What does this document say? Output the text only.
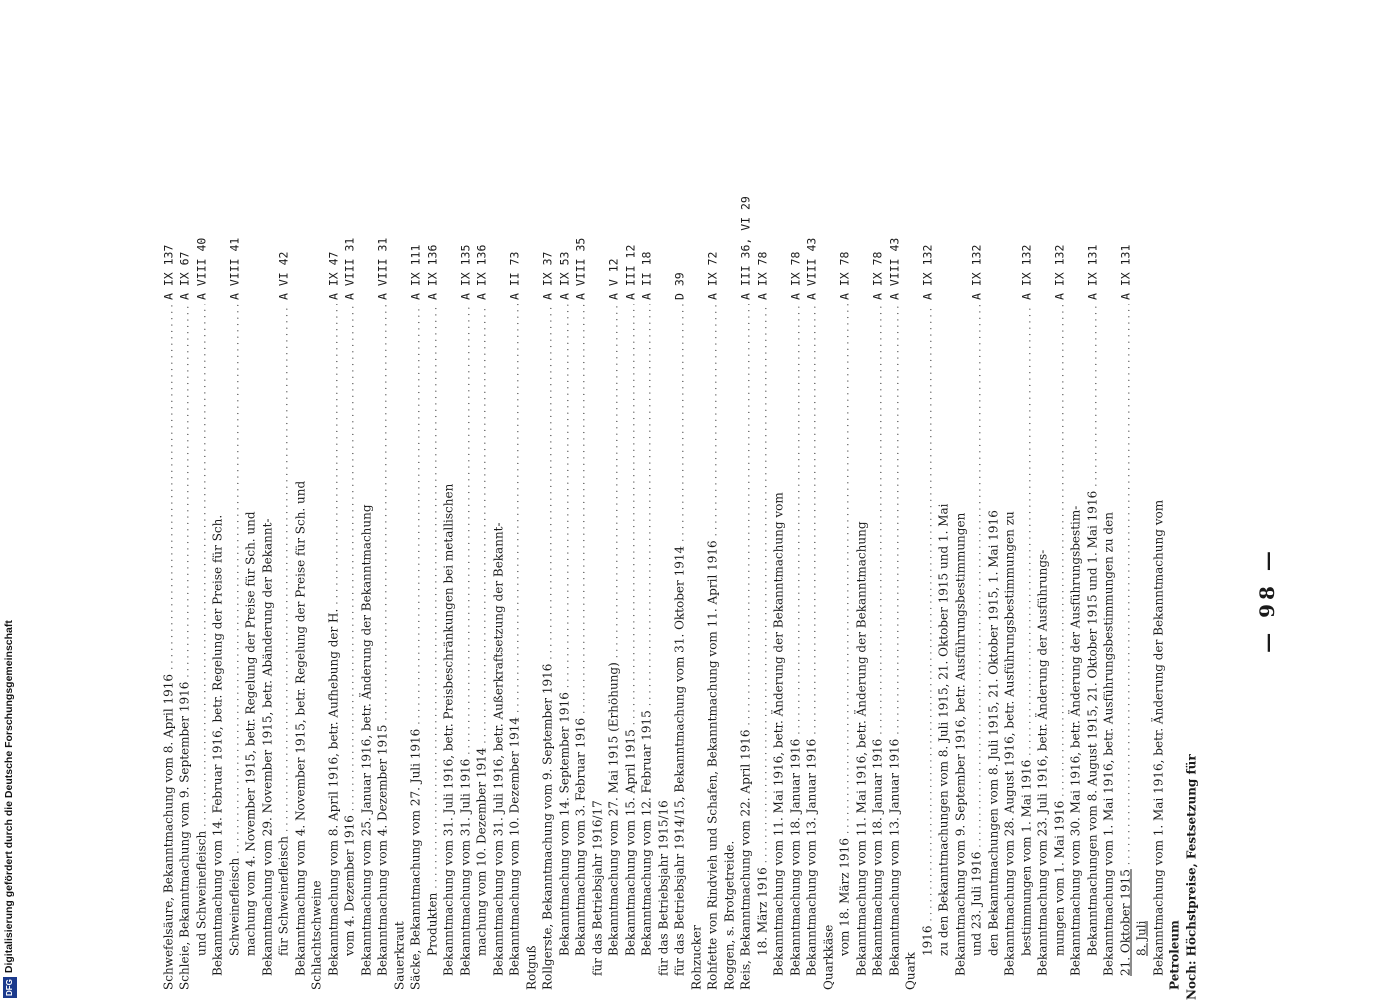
— 98 —
Noch: Höchstpreise, Festsetzung für
Petroleum
Bekanntmachung vom 1. Mai 1916, betr. Änderung der Bekanntmachung vom
8. Juli
21. Oktober 1915
. . .
A IX 131
Bekanntmachung vom 1. Mai 1916, betr. Ausführungsbestimmungen zu den
Bekanntmachungen vom 8. August 1915, 21. Oktober 1915 und 1. Mai 1916
. . .
A IX 131
Bekanntmachung vom 30. Mai 1916, betr. Änderung der Ausführungsbestim-
mungen vom 1. Mai 1916
. . .
A IX 132
Bekanntmachung vom 23. Juli 1916, betr. Änderung der Ausführungs-
bestimmungen vom 1. Mai 1916
. . .
A IX 132
Bekanntmachung vom 28. August 1916, betr. Ausführungsbestimmungen zu
den Bekanntmachungen vom 8. Juli 1915, 21. Oktober 1915, 1. Mai 1916
und 23. Juli 1916
. . .
A IX 132
Bekanntmachung vom 9. September 1916, betr. Ausführungsbestimmungen
zu den Bekanntmachungen vom 8. Juli 1915, 21. Oktober 1915 und 1. Mai
1916
. . .
A IX 132
Quark
Bekanntmachung vom 13. Januar 1916
. . .
A VIII 43
Bekanntmachung vom 18. Januar 1916
. . .
A IX 78
Bekanntmachung vom 11. Mai 1916, betr. Änderung der Bekanntmachung
vom 18. März 1916
. . .
A IX 78
Quarkkäse
Bekanntmachung vom 13. Januar 1916
. . .
A VIII 43
Bekanntmachung vom 18. Januar 1916
. . .
A IX 78
Bekanntmachung vom 11. Mai 1916, betr. Änderung der Bekanntmachung vom
18. März 1916
. . .
A IX 78
Reis, Bekanntmachung vom 22. April 1916
. . .
A III 36, VI 29
Roggen, s. Brotgetreide.
Rohfette von Rindvieh und Schafen, Bekanntmachung vom 11. April 1916
. . .
A IX 72
Rohzucker
für das Betriebsjahr 1914/15, Bekanntmachung vom 31. Oktober 1914
. . .
D 39
für das Betriebsjahr 1915/16
Bekanntmachung vom 12. Februar 1915
. . .
A II 18
Bekanntmachung vom 15. April 1915
. . .
A III 12
Bekanntmachung vom 27. Mai 1915 (Erhöhung)
. . .
A V 12
für das Betriebsjahr 1916/17
Bekanntmachung vom 3. Februar 1916
. . .
A VIII 35
Bekanntmachung vom 14. September 1916
. . .
A IX 53
Rollgerste, Bekanntmachung vom 9. September 1916
. . .
A IX 37
Rotguß
Bekanntmachung vom 10. Dezember 1914
. . .
A II 73
Bekanntmachung vom 31. Juli 1916, betr. Außerkraftsetzung der Bekannt-
machung vom 10. Dezember 1914
. . .
A IX 136
Bekanntmachung vom 31. Juli 1916
. . .
A IX 135
Bekanntmachung vom 31. Juli 1916, betr. Preisbeschränkungen bei metallischen
Produkten
. . .
A IX 136
Säcke, Bekanntmachung vom 27. Juli 1916
. . .
A IX 111
Sauerkraut
Bekanntmachung vom 4. Dezember 1915
. . .
A VIII 31
Bekanntmachung vom 25. Januar 1916, betr. Änderung der Bekanntmachung
vom 4. Dezember 1916
. . .
A VIII 31
Bekanntmachung vom 8. April 1916, betr. Aufhebung der H.
. . .
A IX 47
Schlachtschweine
Bekanntmachung vom 4. November 1915, betr. Regelung der Preise für Sch. und
für Schweinefleisch
. . .
A VI 42
Bekanntmachung vom 29. November 1915, betr. Abänderung der Bekannt-
machung vom 4. November 1915, betr. Regelung der Preise für Sch. und
Schweinefleisch
. . .
A VIII 41
Bekanntmachung vom 14. Februar 1916, betr. Regelung der Preise für Sch.
und Schweinefleisch
. . .
A VIII 40
Schleie, Bekanntmachung vom 9. September 1916
. . .
A IX 67
Schwefelsäure, Bekanntmachung vom 8. April 1916
. . .
A IX 137
DFGDigitalisierung gefördert durch die Deutsche Forschungsgemeinschaft
